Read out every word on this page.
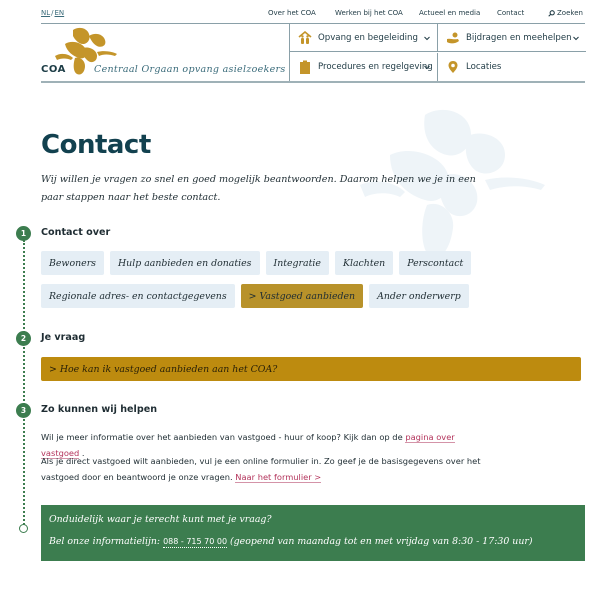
NL/EN	Over het COA	Werken bij het COA Actueel en media Contact	Zoeken
COA	Centraal Orgaan opvang asielzoekers
Opvang en begeleiding	Bijdragen en meehelpen
Procedures en regelgeving	Locaties
Contact

Wij willen je vragen zo snel en goed mogelijk beantwoorden. Daarom helpen we je in een paar stappen naar het beste contact.

1	Contact over
Bewoners	Hulp aanbieden en donaties	Integratie	Klachten	Perscontact
Regionale adres- en contactgegevens	> Vastgoed aanbieden	Ander onderwerp
2	Je vraag
> Hoe kan ik vastgoed aanbieden aan het COA?
3	Zo kunnen wij helpen

Wil je meer informatie over het aanbieden van vastgoed - huur of koop? Kijk dan op de pagina over vastgoed .

Als je direct vastgoed wilt aanbieden, vul je een online formulier in. Zo geef je de basisgegevens over het vastgoed door en beantwoord je onze vragen. Naar het formulier >

Onduidelijk waar je terecht kunt met je vraag?
Bel onze informatielijn: 088 - 715 70 00 (geopend van maandag tot en met vrijdag van 8:30 - 17:30 uur)
